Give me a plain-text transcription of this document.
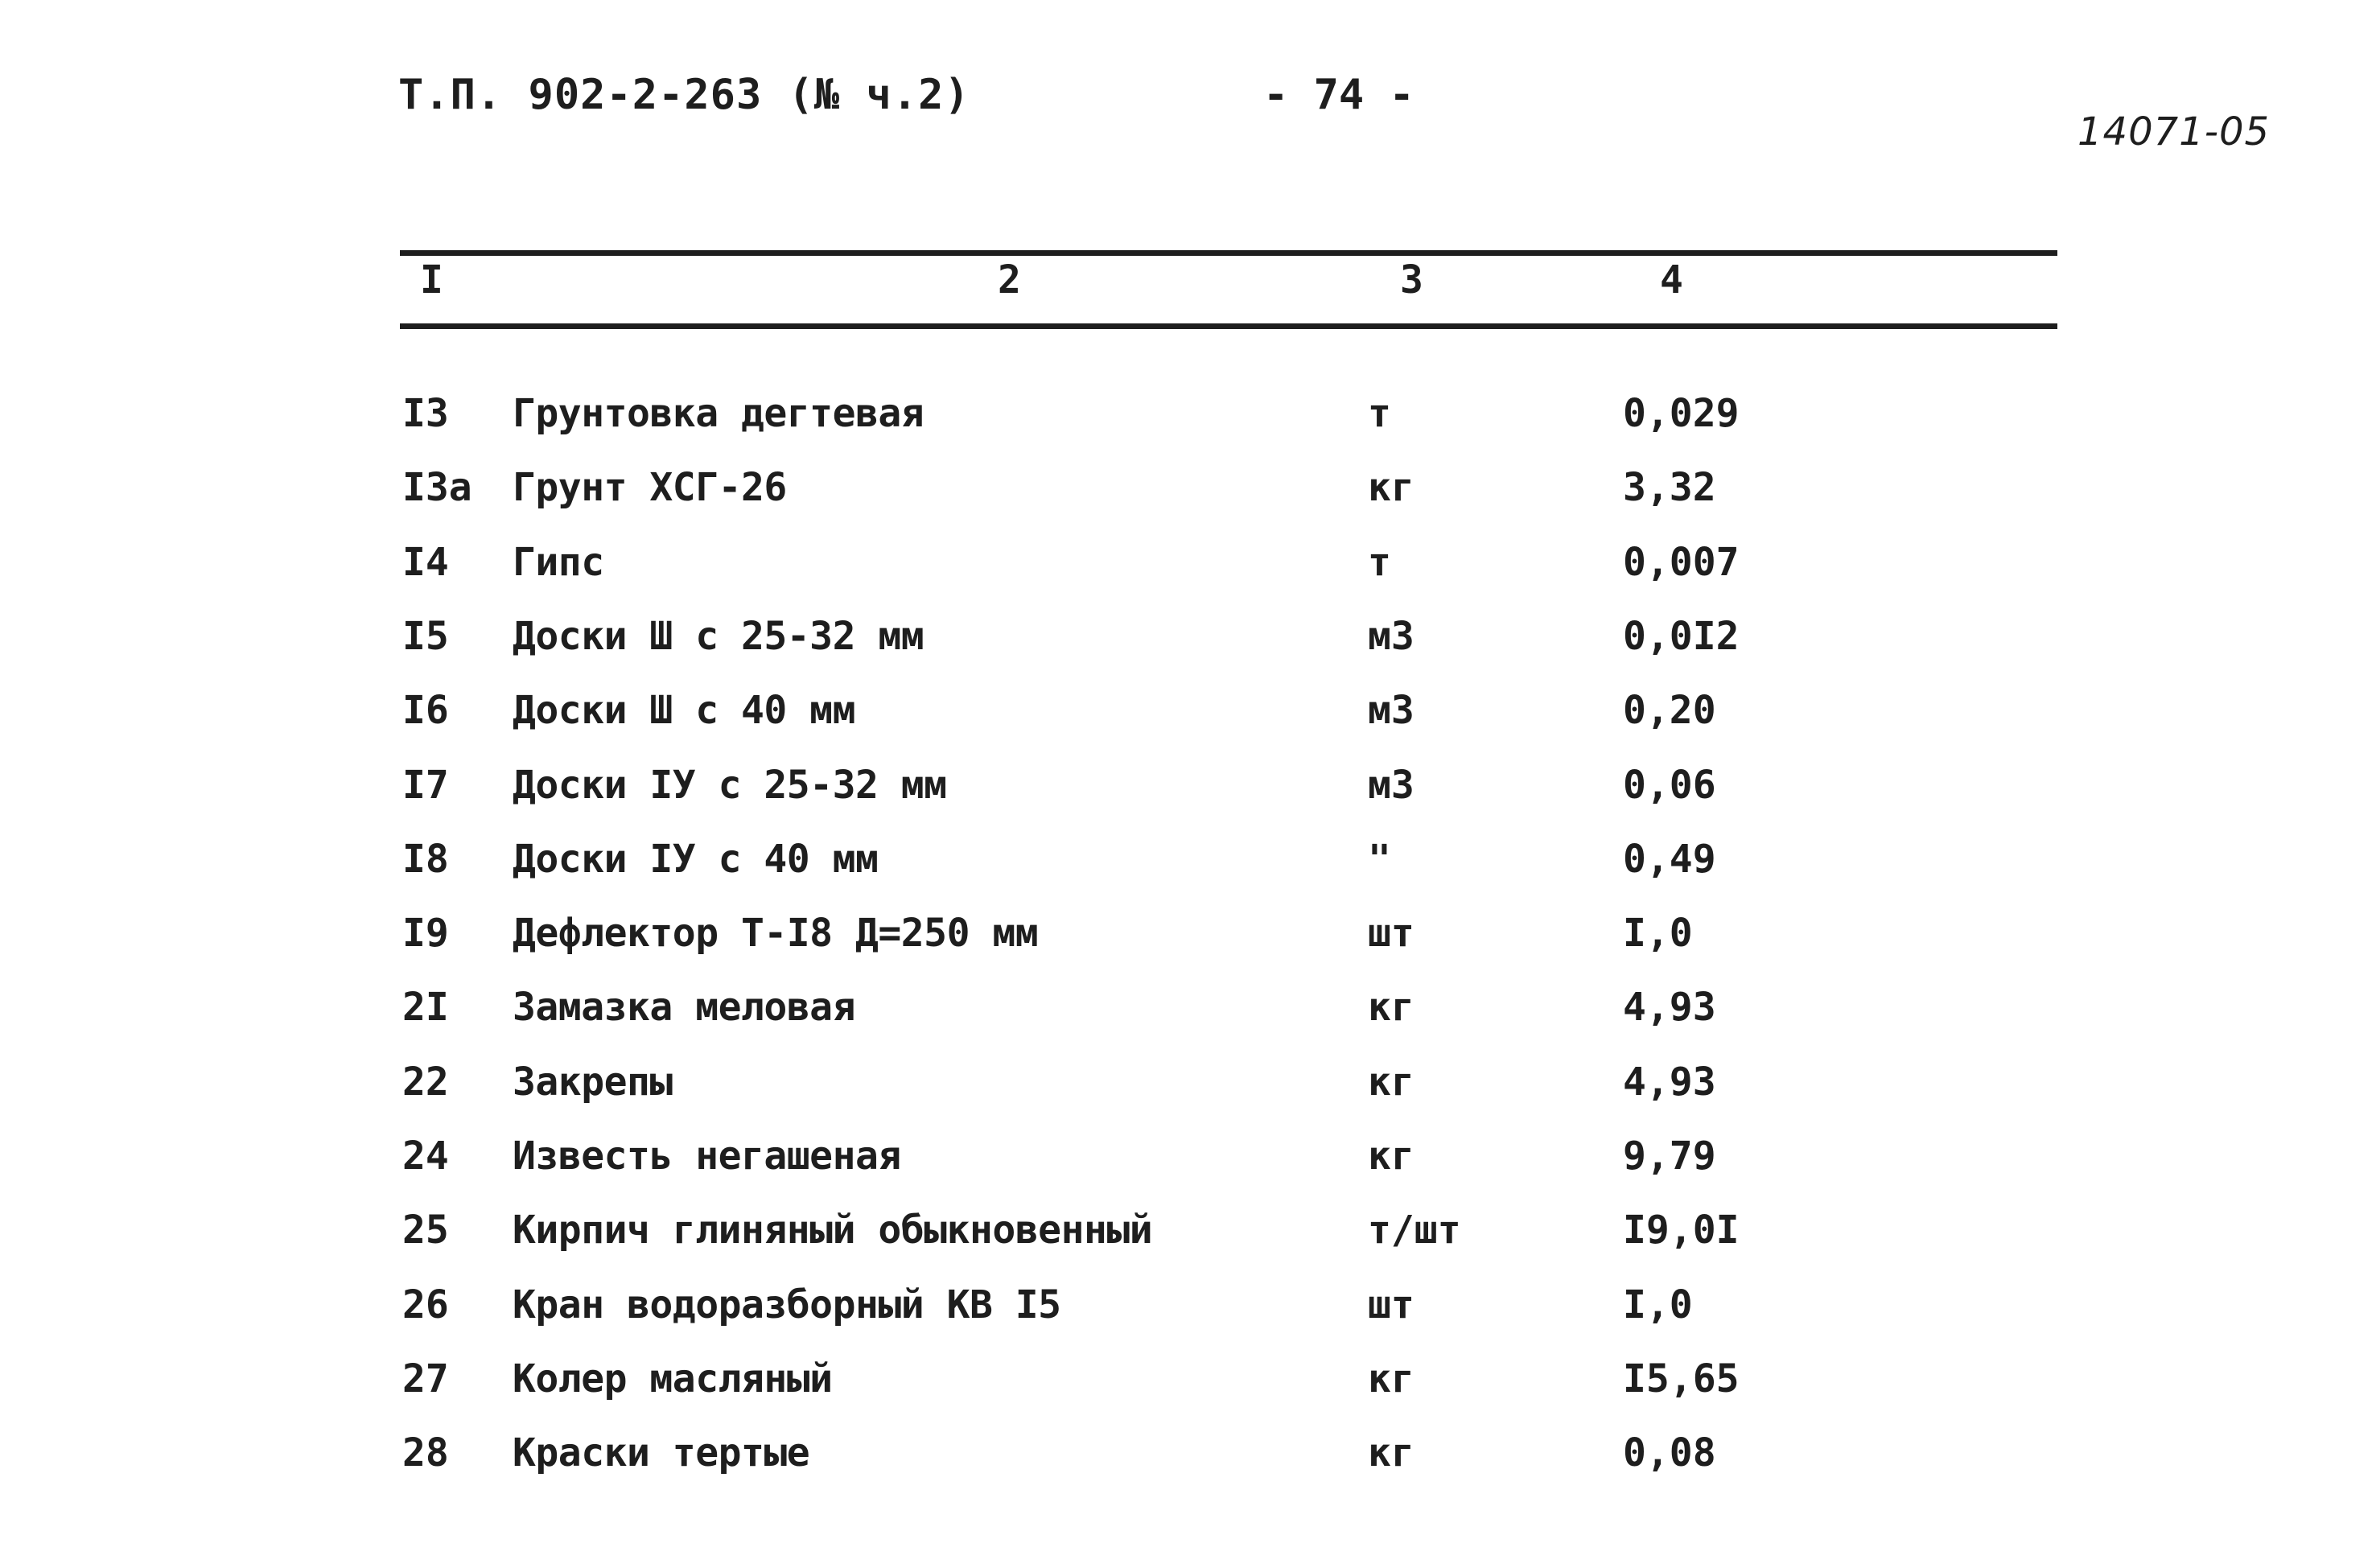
Т.П. 902-2-263 (№ ч.2)	- 74 -
14071-05
I	2	3	4
I3 Грунтовка дегтевая	т	0,029
I3а Грунт ХСГ-26	кг	3,32
I4 Гипс	т	0,007
I5 Доски Ш с 25-32 мм	м3	0,0I2
I6 Доски Ш с 40 мм	м3	0,20
I7 Доски IУ с 25-32 мм	м3	0,06
I8 Доски IУ с 40 мм	"	0,49
I9 Дефлектор Т-I8 Д=250 мм	шт	I,0
2I Замазка меловая	кг	4,93
22 Закрепы	кг	4,93
24 Известь негашеная	кг	9,79
25 Кирпич глиняный обыкновенный	т/шт	I9,0I
26 Кран водоразборный КВ I5	шт	I,0
27 Колер масляный	кг	I5,65
28 Краски тертые	кг	0,08
